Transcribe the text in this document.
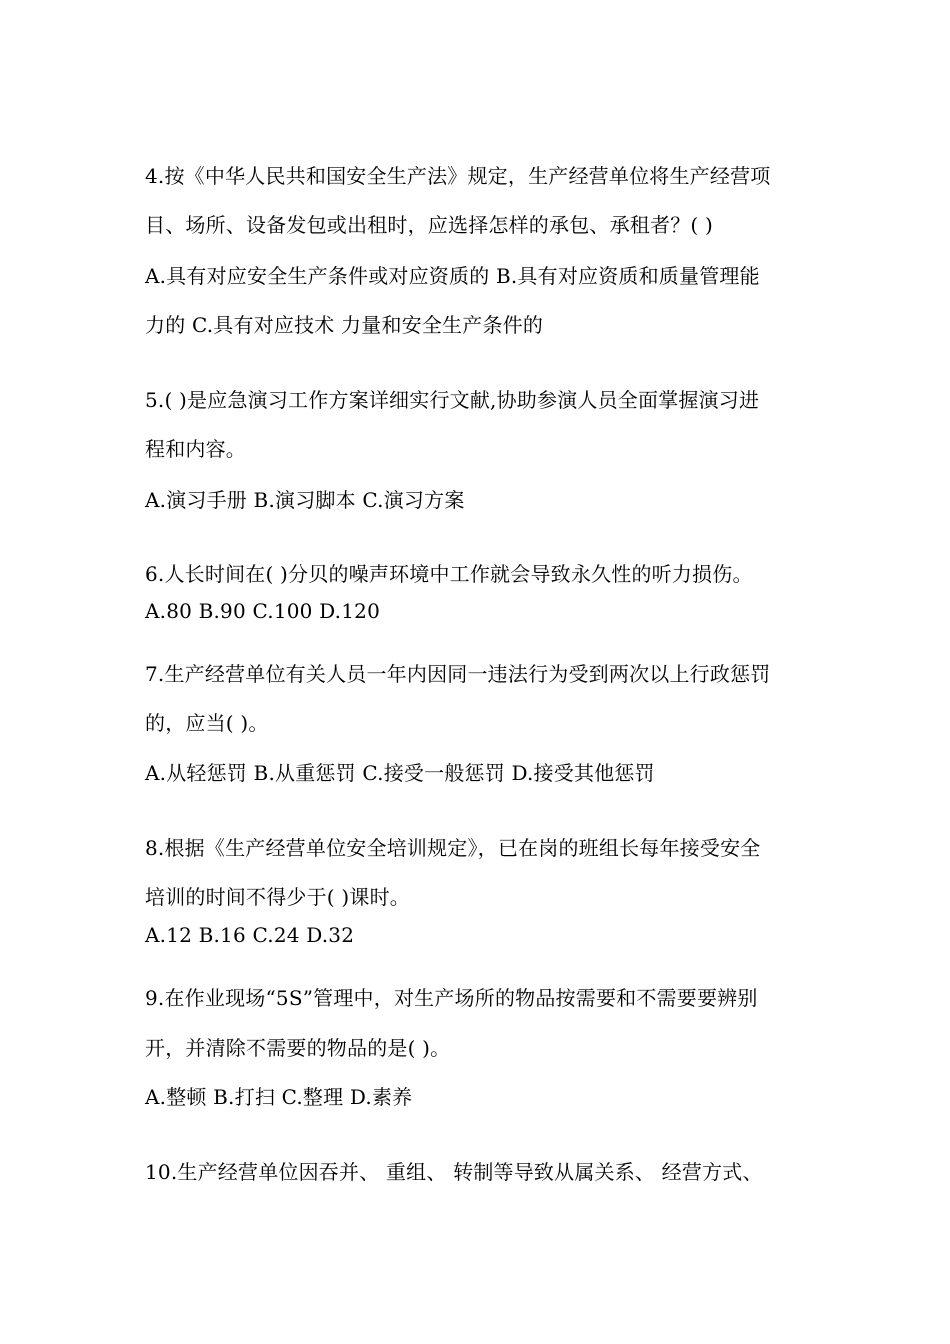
4.按《中华人民共和国安全生产法》规定，生产经营单位将生产经营项
目、场所、设备发包或出租时，应选择怎样的承包、承租者？( )
A.具有对应安全生产条件或对应资质的 B.具有对应资质和质量管理能
力的 C.具有对应技术 力量和安全生产条件的
5.( )是应急演习工作方案详细实行文献,协助参演人员全面掌握演习进
程和内容。
A.演习手册 B.演习脚本 C.演习方案
6.人长时间在( )分贝的噪声环境中工作就会导致永久性的听力损伤。
A.80 B.90 C.100 D.120
7.生产经营单位有关人员一年内因同一违法行为受到两次以上行政惩罚
的，应当( )。
A.从轻惩罚 B.从重惩罚 C.接受一般惩罚 D.接受其他惩罚
8.根据《生产经营单位安全培训规定》，已在岗的班组长每年接受安全
培训的时间不得少于( )课时。
A.12 B.16 C.24 D.32
9.在作业现场“5S”管理中，对生产场所的物品按需要和不需要要辨别
开，并清除不需要的物品的是( )。
A.整顿 B.打扫 C.整理 D.素养
10.生产经营单位因吞并、 重组、 转制等导致从属关系、 经营方式、
